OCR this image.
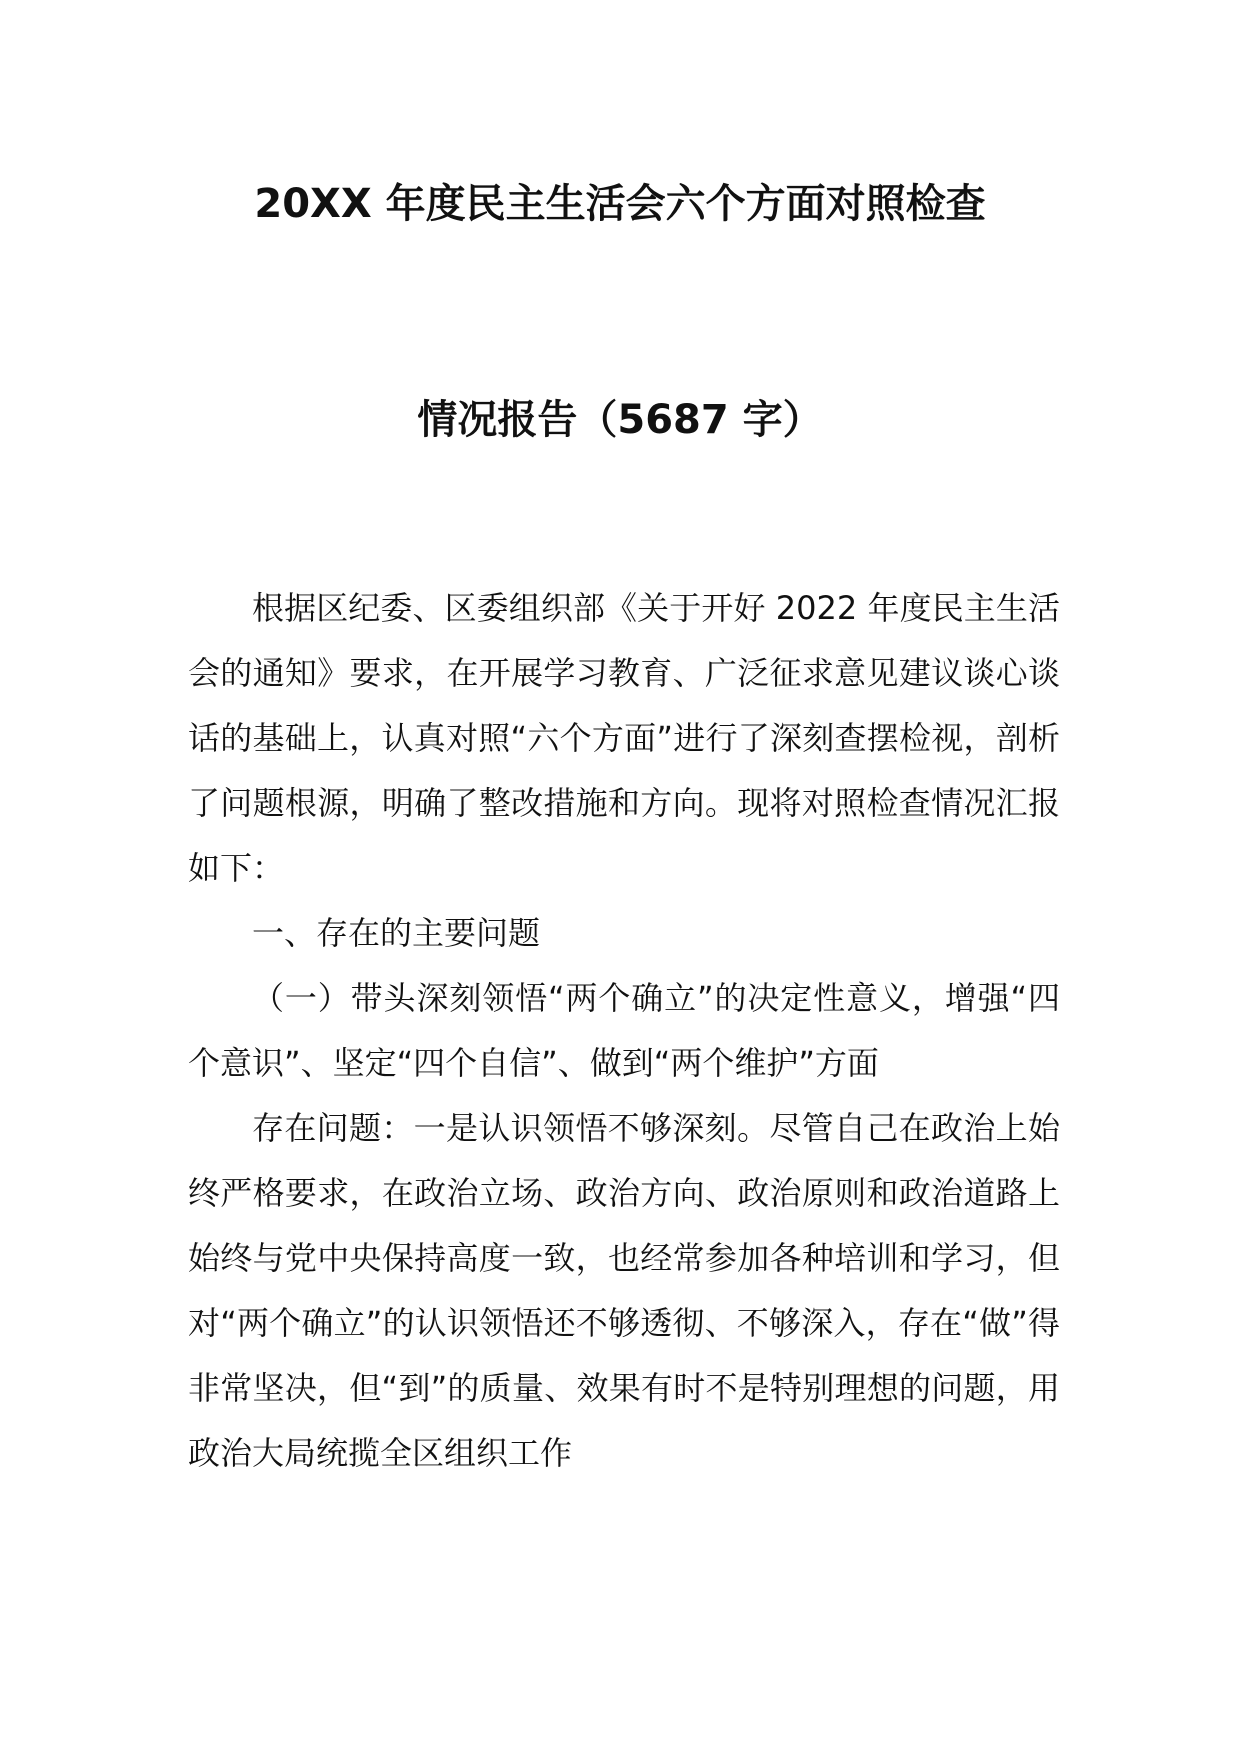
20XX 年度民主生活会六个方面对照检查
情况报告（5687 字）

根据区纪委、区委组织部《关于开好 2022 年度民主生活会的通知》要求，在开展学习教育、广泛征求意见建议谈心谈话的基础上，认真对照“六个方面”进行了深刻查摆检视，剖析了问题根源，明确了整改措施和方向。现将对照检查情况汇报如下：

一、存在的主要问题

（一）带头深刻领悟“两个确立”的决定性意义，增强“四个意识”、坚定“四个自信”、做到“两个维护”方面

存在问题：一是认识领悟不够深刻。尽管自己在政治上始终严格要求，在政治立场、政治方向、政治原则和政治道路上始终与党中央保持高度一致，也经常参加各种培训和学习，但对“两个确立”的认识领悟还不够透彻、不够深入，存在“做”得非常坚决，但“到”的质量、效果有时不是特别理想的问题，用政治大局统揽全区组织工作
